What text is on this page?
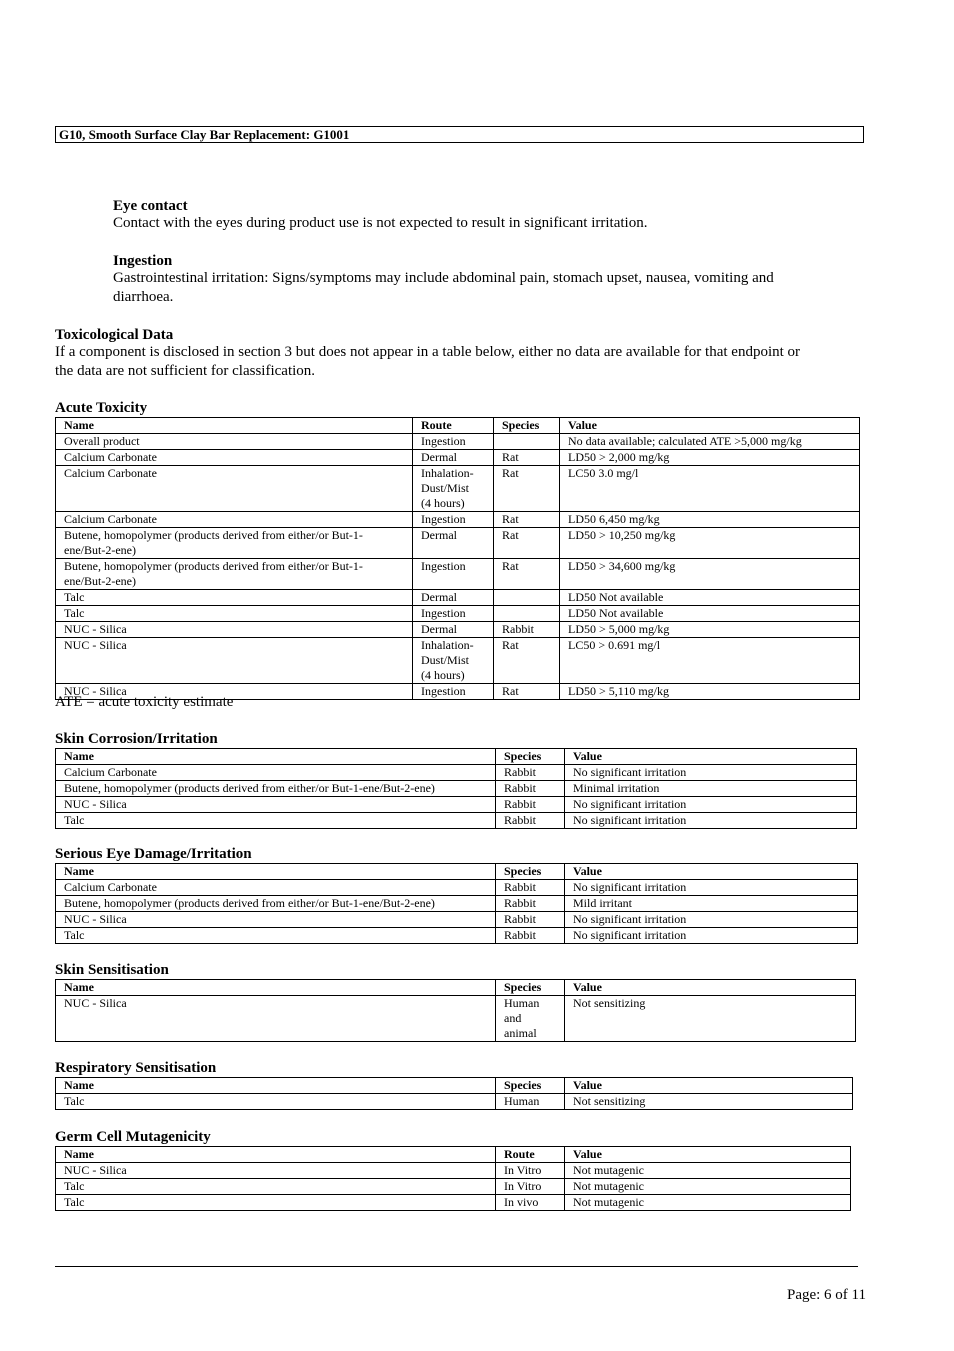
G10, Smooth Surface Clay Bar Replacement: G1001
Eye contact
Contact with the eyes during product use is not expected to result in significant irritation.
Ingestion
Gastrointestinal irritation: Signs/symptoms may include abdominal pain, stomach upset, nausea, vomiting and
diarrhoea.
Toxicological Data
If a component is disclosed in section 3 but does not appear in a table below, either no data are available for that endpoint or
the data are not sufficient for classification.
Acute Toxicity
Name	Route	Species	Value
Overall product	Ingestion		No data available; calculated ATE >5,000 mg/kg
Calcium Carbonate	Dermal	Rat	LD50 > 2,000 mg/kg
Calcium Carbonate	Inhalation-
Dust/Mist
(4 hours)	Rat	LC50 3.0 mg/l
Calcium Carbonate	Ingestion	Rat	LD50 6,450 mg/kg
Butene, homopolymer (products derived from either/or But-1-
ene/But-2-ene)	Dermal	Rat	LD50 > 10,250 mg/kg
Butene, homopolymer (products derived from either/or But-1-
ene/But-2-ene)	Ingestion	Rat	LD50 > 34,600 mg/kg
Talc	Dermal		LD50 Not available
Talc	Ingestion		LD50 Not available
NUC - Silica	Dermal	Rabbit	LD50 > 5,000 mg/kg
NUC - Silica	Inhalation-
Dust/Mist
(4 hours)	Rat	LC50 > 0.691 mg/l
NUC - Silica	Ingestion	Rat	LD50 > 5,110 mg/kg
ATE = acute toxicity estimate
Skin Corrosion/Irritation
Name	Species	Value
Calcium Carbonate	Rabbit	No significant irritation
Butene, homopolymer (products derived from either/or But-1-ene/But-2-ene)	Rabbit	Minimal irritation
NUC - Silica	Rabbit	No significant irritation
Talc	Rabbit	No significant irritation
Serious Eye Damage/Irritation
Name	Species	Value
Calcium Carbonate	Rabbit	No significant irritation
Butene, homopolymer (products derived from either/or But-1-ene/But-2-ene)	Rabbit	Mild irritant
NUC - Silica	Rabbit	No significant irritation
Talc	Rabbit	No significant irritation
Skin Sensitisation
Name	Species	Value
NUC - Silica	Human
and
animal	Not sensitizing
Respiratory Sensitisation
Name	Species	Value
Talc	Human	Not sensitizing
Germ Cell Mutagenicity
Name	Route	Value
NUC - Silica	In Vitro	Not mutagenic
Talc	In Vitro	Not mutagenic
Talc	In vivo	Not mutagenic
Page: 6 of 11
